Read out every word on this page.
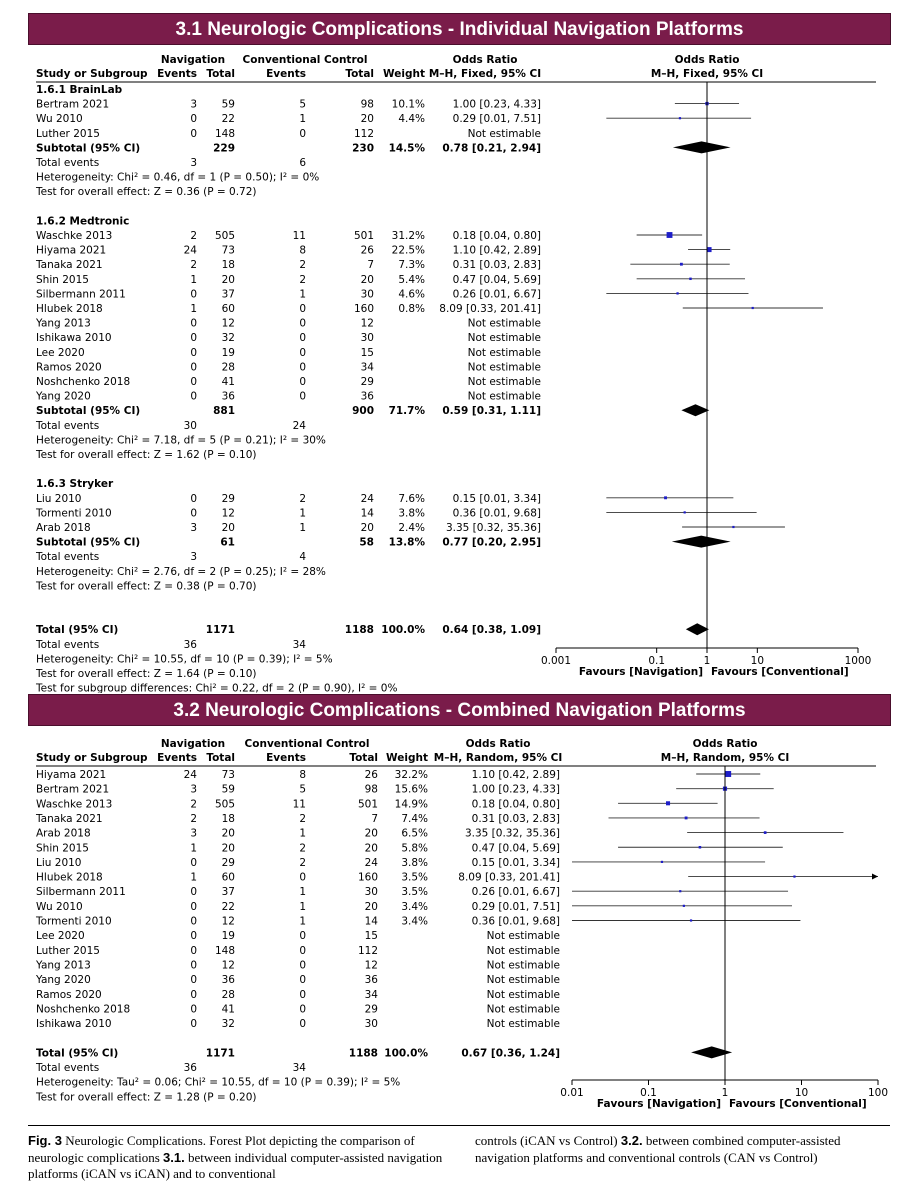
3.1 Neurologic Complications - Individual Navigation Platforms
Navigation Conventional Control	Odds Ratio	Odds Ratio
Study or Subgroup Events Total	Events	Total Weight M–H, Fixed, 95% CI	M–H, Fixed, 95% CI
1.6.1 BrainLab
Bertram 2021	3 59	5	98 10.1%	1.00 [0.23, 4.33]
Wu 2010	0 22	1	20 4.4%	0.29 [0.01, 7.51]
Luther 2015	0 148	0	112	Not estimable
Subtotal (95% CI)	229	230 14.5% 0.78 [0.21, 2.94]
Total events	3	6
Heterogeneity: Chi² = 0.46, df = 1 (P = 0.50); I² = 0%
Test for overall effect: Z = 0.36 (P = 0.72)
1.6.2 Medtronic
Waschke 2013	2 505	11	501 31.2%	0.18 [0.04, 0.80]
Hiyama 2021	24 73	8	26 22.5%	1.10 [0.42, 2.89]
Tanaka 2021	2 18	2	7 7.3%	0.31 [0.03, 2.83]
Shin 2015	1 20	2	20 5.4%	0.47 [0.04, 5.69]
Silbermann 2011	0 37	1	30 4.6%	0.26 [0.01, 6.67]
Hlubek 2018	1 60	0	160 0.8% 8.09 [0.33, 201.41]
Yang 2013	0 12	0	12	Not estimable
Ishikawa 2010	0 32	0	30	Not estimable
Lee 2020	0 19	0	15	Not estimable
Ramos 2020	0 28	0	34	Not estimable
Noshchenko 2018	0 41	0	29	Not estimable
Yang 2020	0 36	0	36	Not estimable
Subtotal (95% CI)	881	900 71.7% 0.59 [0.31, 1.11]
Total events	30	24
Heterogeneity: Chi² = 7.18, df = 5 (P = 0.21); I² = 30%
Test for overall effect: Z = 1.62 (P = 0.10)
1.6.3 Stryker
Liu 2010	0 29	2	24 7.6%	0.15 [0.01, 3.34]
Tormenti 2010	0 12	1	14 3.8%	0.36 [0.01, 9.68]
Arab 2018	3 20	1	20 2.4% 3.35 [0.32, 35.36]
Subtotal (95% CI)	61	58 13.8% 0.77 [0.20, 2.95]
Total events	3	4
Heterogeneity: Chi² = 2.76, df = 2 (P = 0.25); I² = 28%
Test for overall effect: Z = 0.38 (P = 0.70)
Total (95% CI)	1171	1188 100.0% 0.64 [0.38, 1.09]
Total events	36	34
Heterogeneity: Chi² = 10.55, df = 10 (P = 0.39); I² = 5%
Test for overall effect: Z = 1.64 (P = 0.10)
Test for subgroup differences: Chi² = 0.22, df = 2 (P = 0.90), I² = 0%
0.001	0.1	1	10	1000
Favours [Navigation] Favours [Conventional]
3.2 Neurologic Complications - Combined Navigation Platforms
Navigation Conventional Control	Odds Ratio	Odds Ratio
Study or Subgroup Events Total	Events	Total Weight M–H, Random, 95% CI	M–H, Random, 95% CI
Hiyama 2021	24 73	8	26 32.2%	1.10 [0.42, 2.89]
Bertram 2021	3 59	5	98 15.6%	1.00 [0.23, 4.33]
Waschke 2013	2 505	11	501 14.9%	0.18 [0.04, 0.80]
Tanaka 2021	2 18	2	7 7.4%	0.31 [0.03, 2.83]
Arab 2018	3 20	1	20 6.5%	3.35 [0.32, 35.36]
Shin 2015	1 20	2	20 5.8%	0.47 [0.04, 5.69]
Liu 2010	0 29	2	24 3.8%	0.15 [0.01, 3.34]
Hlubek 2018	1 60	0	160 3.5%	8.09 [0.33, 201.41]
Silbermann 2011	0 37	1	30 3.5%	0.26 [0.01, 6.67]
Wu 2010	0 22	1	20 3.4%	0.29 [0.01, 7.51]
Tormenti 2010	0 12	1	14 3.4%	0.36 [0.01, 9.68]
Lee 2020	0 19	0	15	Not estimable
Luther 2015	0 148	0	112	Not estimable
Yang 2013	0 12	0	12	Not estimable
Yang 2020	0 36	0	36	Not estimable
Ramos 2020	0 28	0	34	Not estimable
Noshchenko 2018	0 41	0	29	Not estimable
Ishikawa 2010	0 32	0	30	Not estimable
Total (95% CI)	1171	1188 100.0%	0.67 [0.36, 1.24]
Total events	36	34
Heterogeneity: Tau² = 0.06; Chi² = 10.55, df = 10 (P = 0.39); I² = 5%
Test for overall effect: Z = 1.28 (P = 0.20)	0.01	0.1	1	10	100
Favours [Navigation] Favours [Conventional]
Fig. 3 Neurologic Complications. Forest Plot depicting the comparison of neurologic complications 3.1. between individual computer-assisted navigation platforms (iCAN vs iCAN) and to conventional
controls (iCAN vs Control) 3.2. between combined computer-assisted navigation platforms and conventional controls (CAN vs Control)
